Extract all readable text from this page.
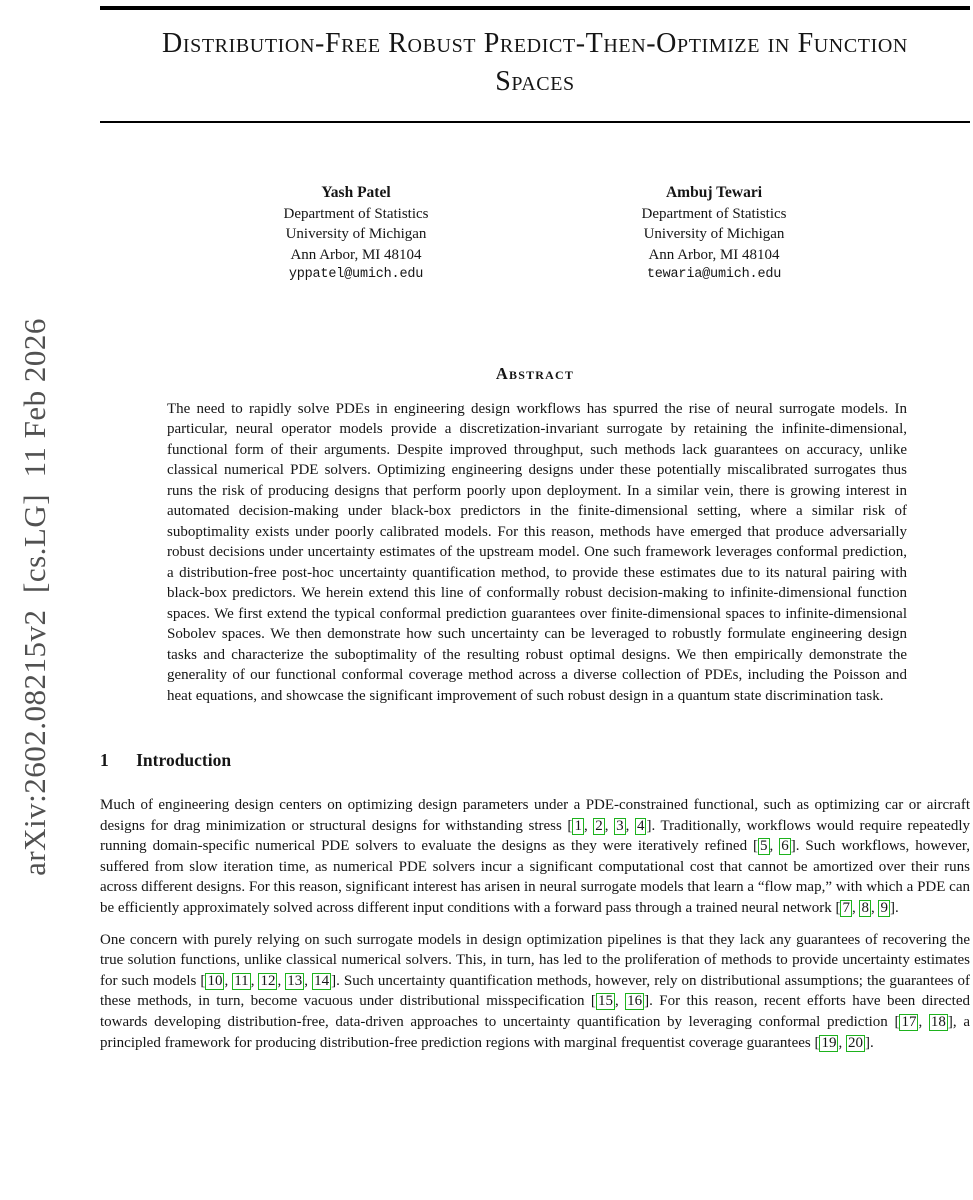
arXiv:2602.08215v2  [cs.LG]  11 Feb 2026
Distribution-Free Robust Predict-Then-Optimize in Function Spaces
Yash Patel
Department of Statistics
University of Michigan
Ann Arbor, MI 48104
yppatel@umich.edu
Ambuj Tewari
Department of Statistics
University of Michigan
Ann Arbor, MI 48104
tewaria@umich.edu
Abstract
The need to rapidly solve PDEs in engineering design workflows has spurred the rise of neural surrogate models. In particular, neural operator models provide a discretization-invariant surrogate by retaining the infinite-dimensional, functional form of their arguments. Despite improved throughput, such methods lack guarantees on accuracy, unlike classical numerical PDE solvers. Optimizing engineering designs under these potentially miscalibrated surrogates thus runs the risk of producing designs that perform poorly upon deployment. In a similar vein, there is growing interest in automated decision-making under black-box predictors in the finite-dimensional setting, where a similar risk of suboptimality exists under poorly calibrated models. For this reason, methods have emerged that produce adversarially robust decisions under uncertainty estimates of the upstream model. One such framework leverages conformal prediction, a distribution-free post-hoc uncertainty quantification method, to provide these estimates due to its natural pairing with black-box predictors. We herein extend this line of conformally robust decision-making to infinite-dimensional function spaces. We first extend the typical conformal prediction guarantees over finite-dimensional spaces to infinite-dimensional Sobolev spaces. We then demonstrate how such uncertainty can be leveraged to robustly formulate engineering design tasks and characterize the suboptimality of the resulting robust optimal designs. We then empirically demonstrate the generality of our functional conformal coverage method across a diverse collection of PDEs, including the Poisson and heat equations, and showcase the significant improvement of such robust design in a quantum state discrimination task.
1 Introduction

Much of engineering design centers on optimizing design parameters under a PDE-constrained functional, such as optimizing car or aircraft designs for drag minimization or structural designs for withstanding stress [ 1 , 2 , 3 , 4 ]. Traditionally, workflows would require repeatedly running domain-specific numerical PDE solvers to evaluate the designs as they were iteratively refined [ 5 , 6 ]. Such workflows, however, suffered from slow iteration time, as numerical PDE solvers incur a significant computational cost that cannot be amortized over their runs across different designs. For this reason, significant interest has arisen in neural surrogate models that learn a “flow map,” with which a PDE can be efficiently approximately solved across different input conditions with a forward pass through a trained neural network [ 7 , 8 , 9 ].

One concern with purely relying on such surrogate models in design optimization pipelines is that they lack any guarantees of recovering the true solution functions, unlike classical numerical solvers. This, in turn, has led to the proliferation of methods to provide uncertainty estimates for such models [ 10 , 11 , 12 , 13 , 14 ]. Such uncertainty quantification methods, however, rely on distributional assumptions; the guarantees of these methods, in turn, become vacuous under distributional misspecification [ 15 , 16 ]. For this reason, recent efforts have been directed towards developing distribution-free, data-driven approaches to uncertainty quantification by leveraging conformal prediction [ 17 , 18 ], a principled framework for producing distribution-free prediction regions with marginal frequentist coverage guarantees [ 19 , 20 ].
